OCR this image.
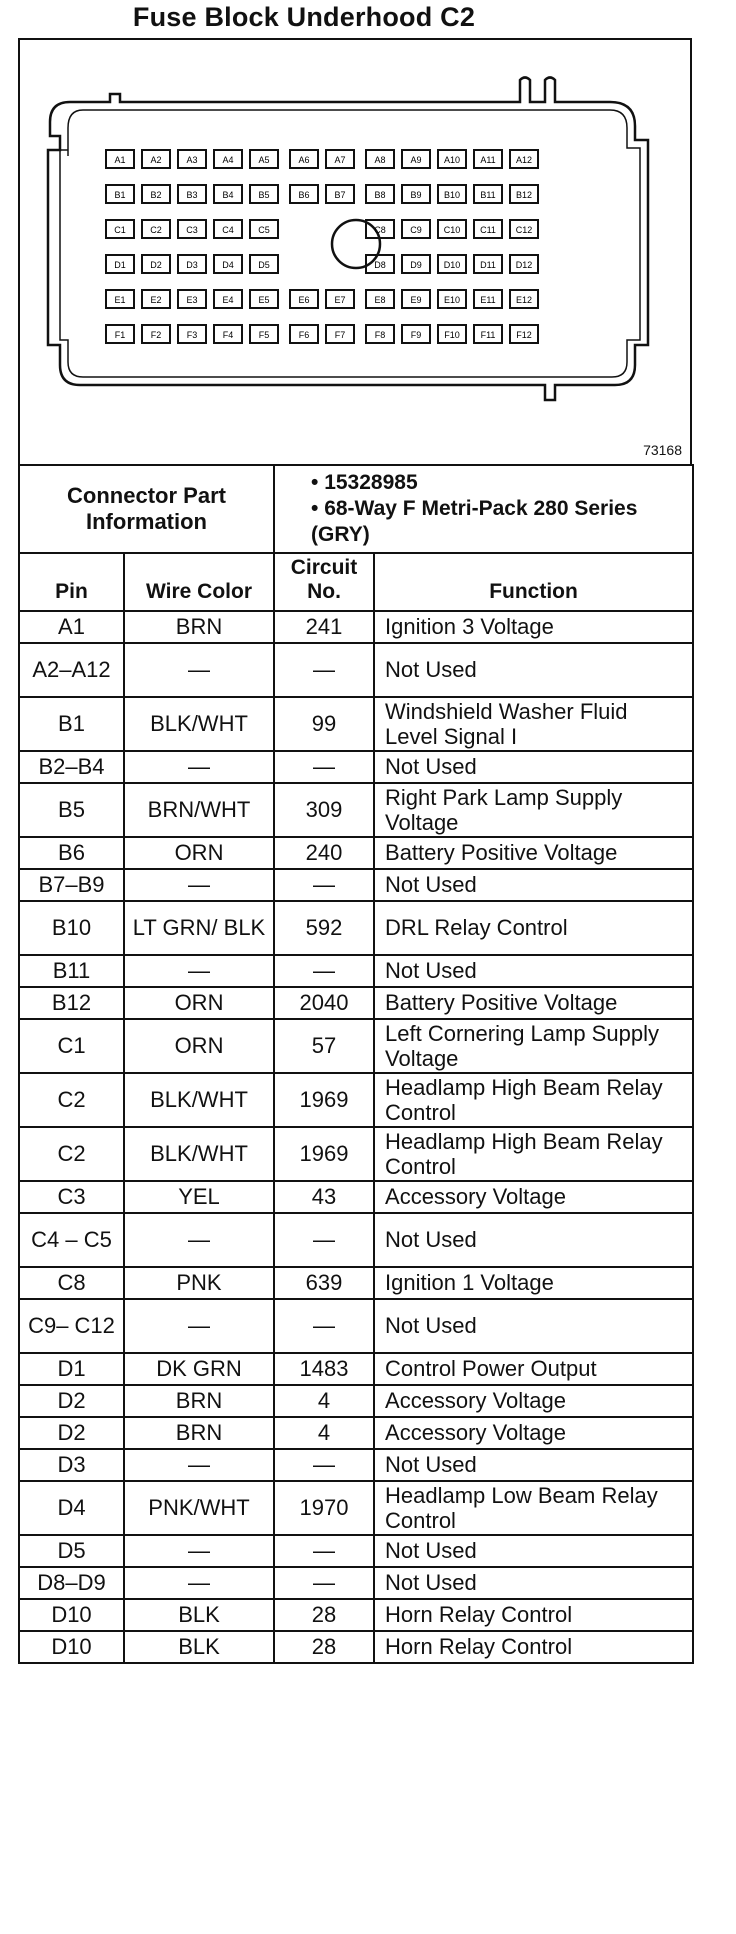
Fuse Block Underhood C2
A1	A2	A3	A4	A5	A6	A7	A8	A9 A10 A11 A12
B1	B2	B3	B4	B5	B6	B7	B8	B9 B10 B11 B12
C1	C2	C3	C4	C5	C8	C9 C10 C11 C12
D1	D2	D3	D4	D5	D8	D9 D10 D11 D12
E1	E2	E3	E4	E5	E6	E7	E8	E9 E10 E11 E12
F1	F2	F3	F4	F5	F6	F7	F8	F9	F10 F11 F12
73168
Connector Part Information		• 15328985
• 68-Way F Metri-Pack 280 Series (GRY)	

Pin	Wire Color	Circuit No.	Function
A1	BRN	241	Ignition 3 Voltage
A2–A12	—	—	Not Used
B1	BLK/WHT	99	Windshield Washer Fluid Level Signal I
B2–B4	—	—	Not Used
B5	BRN/WHT	309	Right Park Lamp Supply Voltage
B6	ORN	240	Battery Positive Voltage
B7–B9	—	—	Not Used
B10	LT GRN/ BLK	592	DRL Relay Control
B11	—	—	Not Used
B12	ORN	2040	Battery Positive Voltage
C1	ORN	57	Left Cornering Lamp Supply Voltage
C2	BLK/WHT	1969	Headlamp High Beam Relay Control
C2	BLK/WHT	1969	Headlamp High Beam Relay Control
C3	YEL	43	Accessory Voltage
C4 – C5	—	—	Not Used
C8	PNK	639	Ignition 1 Voltage
C9– C12	—	—	Not Used
D1	DK GRN	1483	Control Power Output
D2	BRN	4	Accessory Voltage
D2	BRN	4	Accessory Voltage
D3	—	—	Not Used
D4	PNK/WHT	1970	Headlamp Low Beam Relay Control
D5	—	—	Not Used
D8–D9	—	—	Not Used
D10	BLK	28	Horn Relay Control
D10	BLK	28	Horn Relay Control
